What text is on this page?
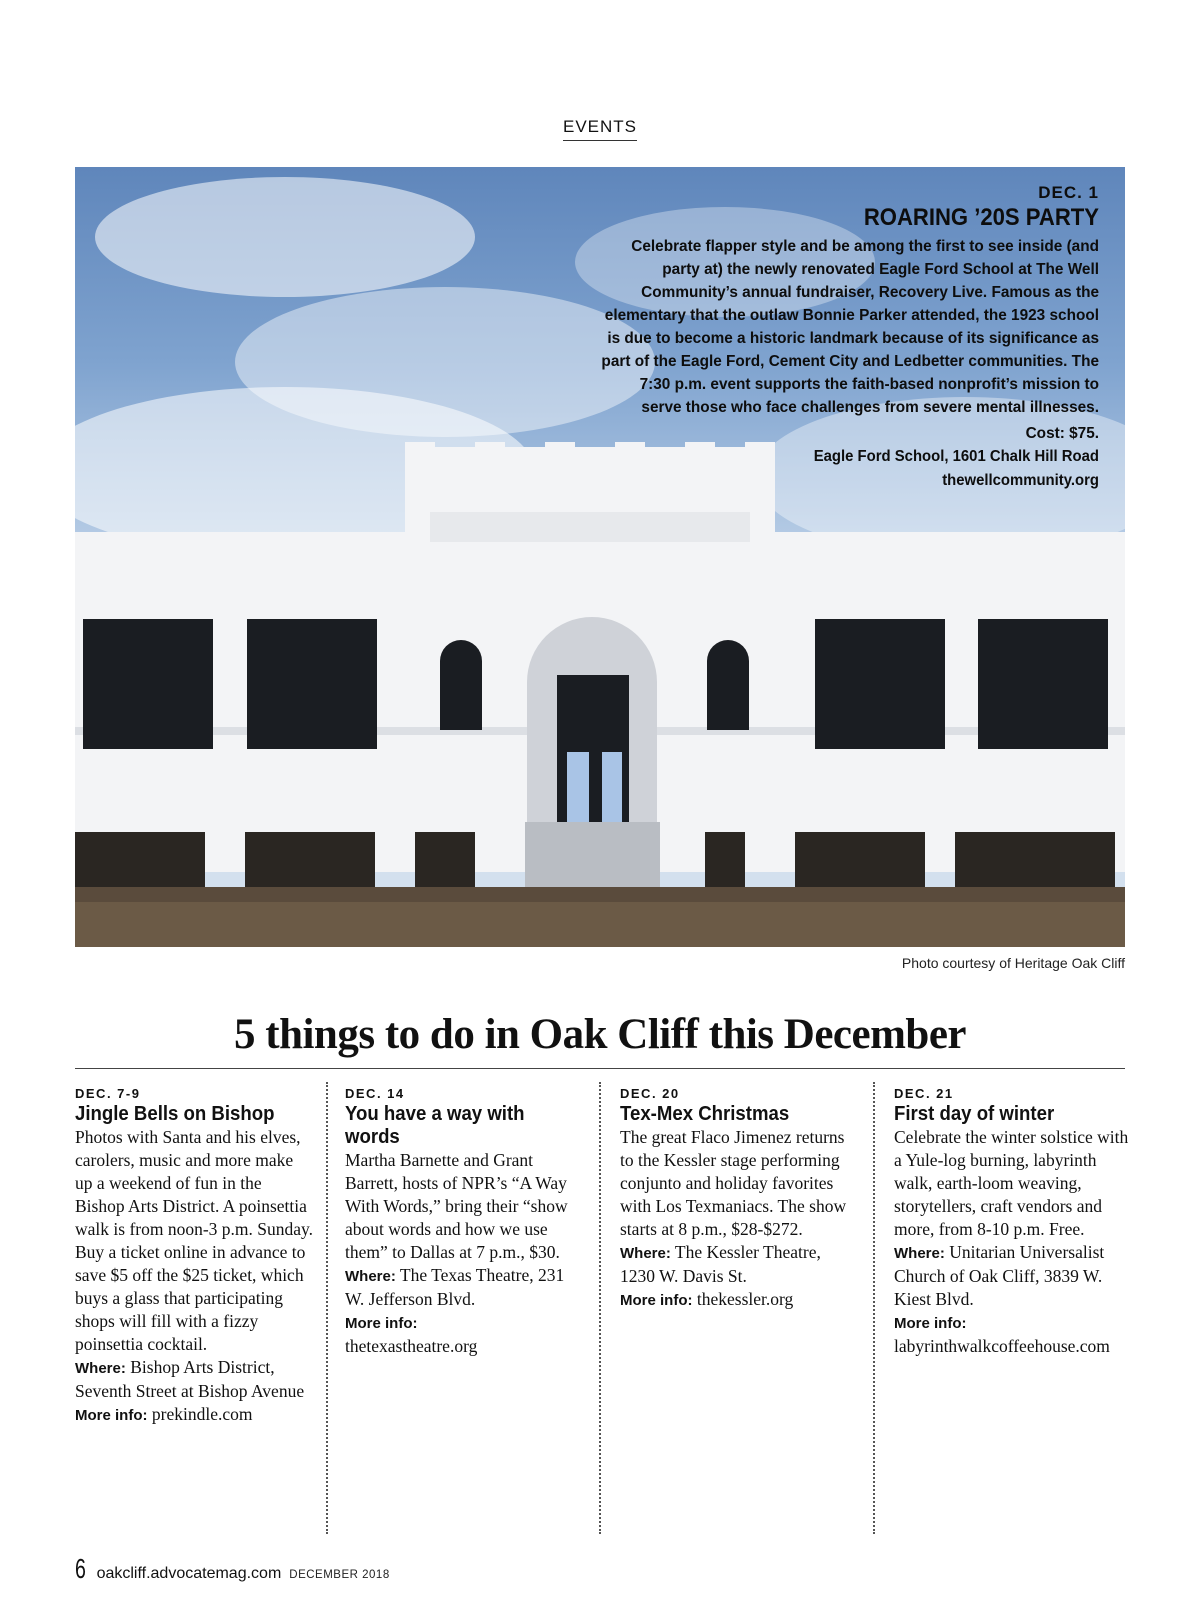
EVENTS
DEC. 1
ROARING ’20S PARTY
Celebrate flapper style and be among the first to see inside (and party at) the newly renovated Eagle Ford School at The Well Community’s annual fundraiser, Recovery Live. Famous as the elementary that the outlaw Bonnie Parker attended, the 1923 school is due to become a historic landmark because of its significance as part of the Eagle Ford, Cement City and Ledbetter communities. The 7:30 p.m. event supports the faith-based nonprofit’s mission to serve those who face challenges from severe mental illnesses.
Cost: $75.
Eagle Ford School, 1601 Chalk Hill Road
thewellcommunity.org
Photo courtesy of Heritage Oak Cliff
5 things to do in Oak Cliff this December
DEC. 7-9
Jingle Bells on Bishop
Photos with Santa and his elves, carolers, music and more make up a weekend of fun in the Bishop Arts District. A poinsettia walk is from noon-3 p.m. Sunday. Buy a ticket online in advance to save $5 off the $25 ticket, which buys a glass that participating shops will fill with a fizzy poinsettia cocktail.
Where: Bishop Arts District, Seventh Street at Bishop Avenue
More info: prekindle.com
DEC. 14
You have a way with words
Martha Barnette and Grant Barrett, hosts of NPR’s “A Way With Words,” bring their “show about words and how we use them” to Dallas at 7 p.m., $30.
Where: The Texas Theatre, 231 W. Jefferson Blvd.
More info:
thetexastheatre.org
DEC. 20
Tex-Mex Christmas
The great Flaco Jimenez returns to the Kessler stage performing conjunto and holiday favorites with Los Texmaniacs. The show starts at 8 p.m., $28-$272.
Where: The Kessler Theatre, 1230 W. Davis St.
More info: thekessler.org
DEC. 21
First day of winter
Celebrate the winter solstice with a Yule-log burning, labyrinth walk, earth-loom weaving, storytellers, craft vendors and more, from 8-10 p.m. Free.
Where: Unitarian Universalist Church of Oak Cliff, 3839 W. Kiest Blvd.
More info:
labyrinthwalkcoffeehouse.com
6 oakcliff.advocatemag.com DECEMBER 2018
